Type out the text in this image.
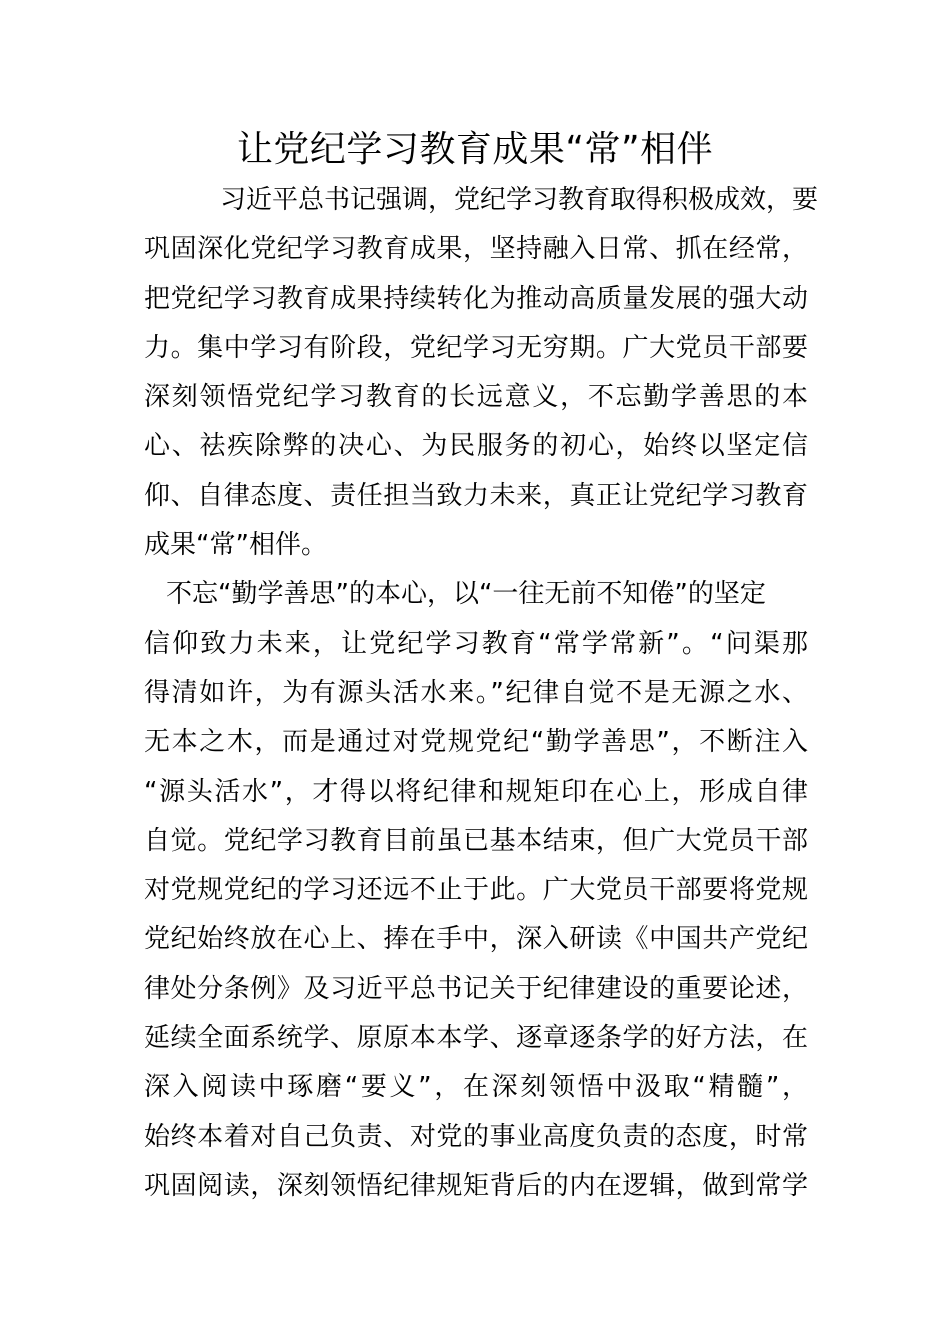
让党纪学习教育成果“常”相伴
习近平总书记强调，党纪学习教育取得积极成效，要
巩固深化党纪学习教育成果，坚持融入日常、抓在经常，
把党纪学习教育成果持续转化为推动高质量发展的强大动
力。集中学习有阶段，党纪学习无穷期。广大党员干部要
深刻领悟党纪学习教育的长远意义，不忘勤学善思的本
心、祛疾除弊的决心、为民服务的初心，始终以坚定信
仰、自律态度、责任担当致力未来，真正让党纪学习教育
成果“常”相伴。
不忘“勤学善思”的本心，以“一往无前不知倦”的坚定
信仰致力未来，让党纪学习教育“常学常新”。“问渠那
得清如许，为有源头活水来。”纪律自觉不是无源之水、
无本之木，而是通过对党规党纪“勤学善思”，不断注入
“源头活水”，才得以将纪律和规矩印在心上，形成自律
自觉。党纪学习教育目前虽已基本结束，但广大党员干部
对党规党纪的学习还远不止于此。广大党员干部要将党规
党纪始终放在心上、捧在手中，深入研读《中国共产党纪
律处分条例》及习近平总书记关于纪律建设的重要论述，
延续全面系统学、原原本本学、逐章逐条学的好方法，在
深入阅读中琢磨“要义”，在深刻领悟中汲取“精髓”，
始终本着对自己负责、对党的事业高度负责的态度，时常
巩固阅读，深刻领悟纪律规矩背后的内在逻辑，做到常学
